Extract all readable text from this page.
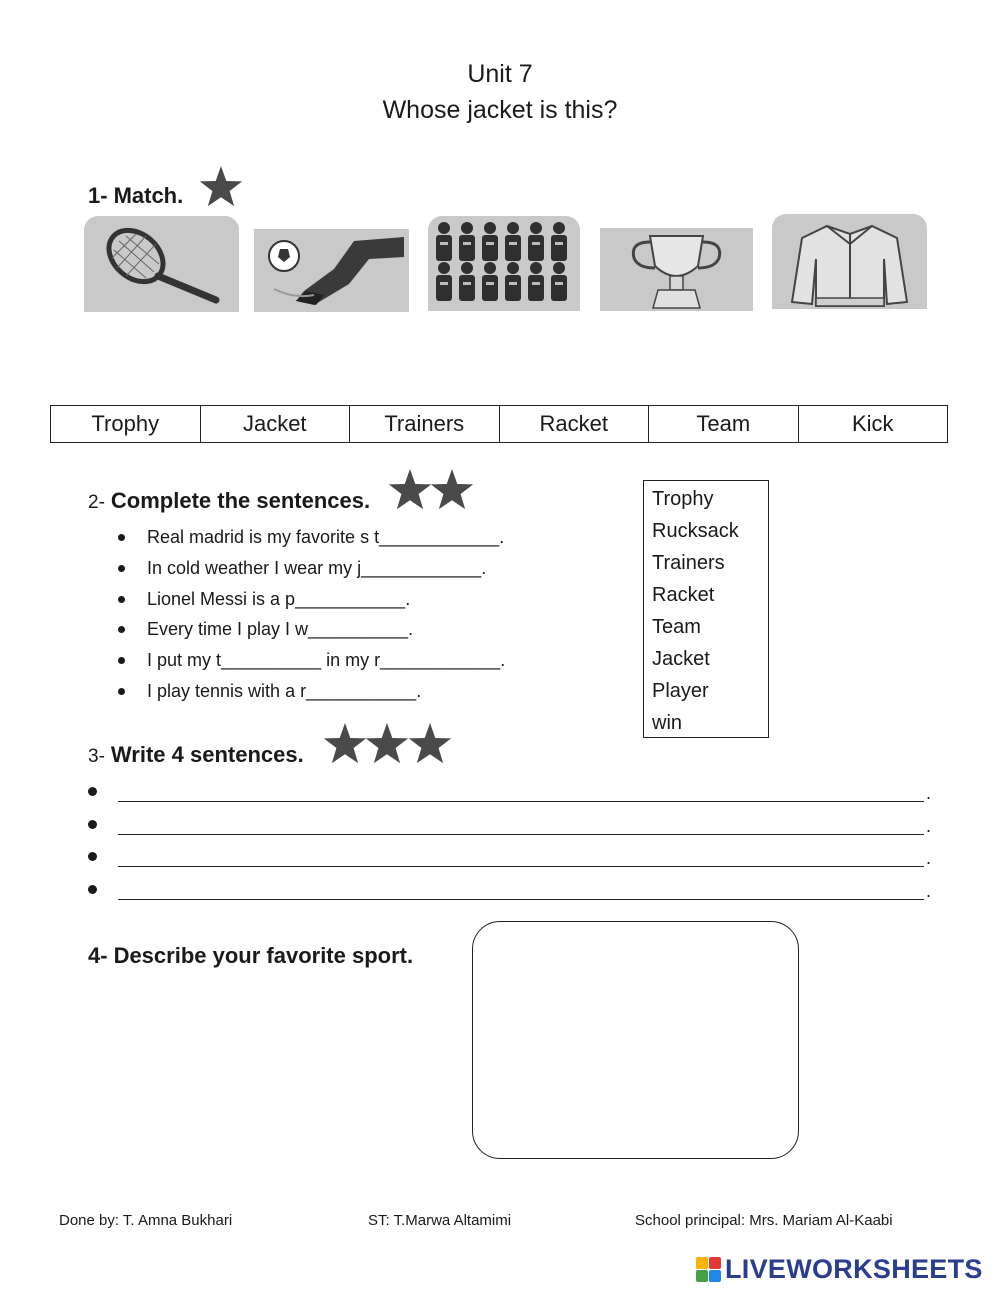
Unit 7
Whose jacket is this?
1- Match.
Trophy	Jacket	Trainers	Racket	Team	Kick
2- Complete the sentences.

Real madrid is my favorite s t____________.
In cold weather I wear my j____________.
Lionel Messi is a p___________.
Every time I play I w__________.
I put my t__________ in my r____________.
I play tennis with a r___________.
Trophy
Rucksack
Trainers
Racket
Team
Jacket
Player
win
3- Write 4 sentences.

.
.
.
.
4- Describe your favorite sport.
Done by: T. Amna Bukhari	ST: T.Marwa Altamimi	School principal: Mrs. Mariam Al-Kaabi
LIVEWORKSHEETS
